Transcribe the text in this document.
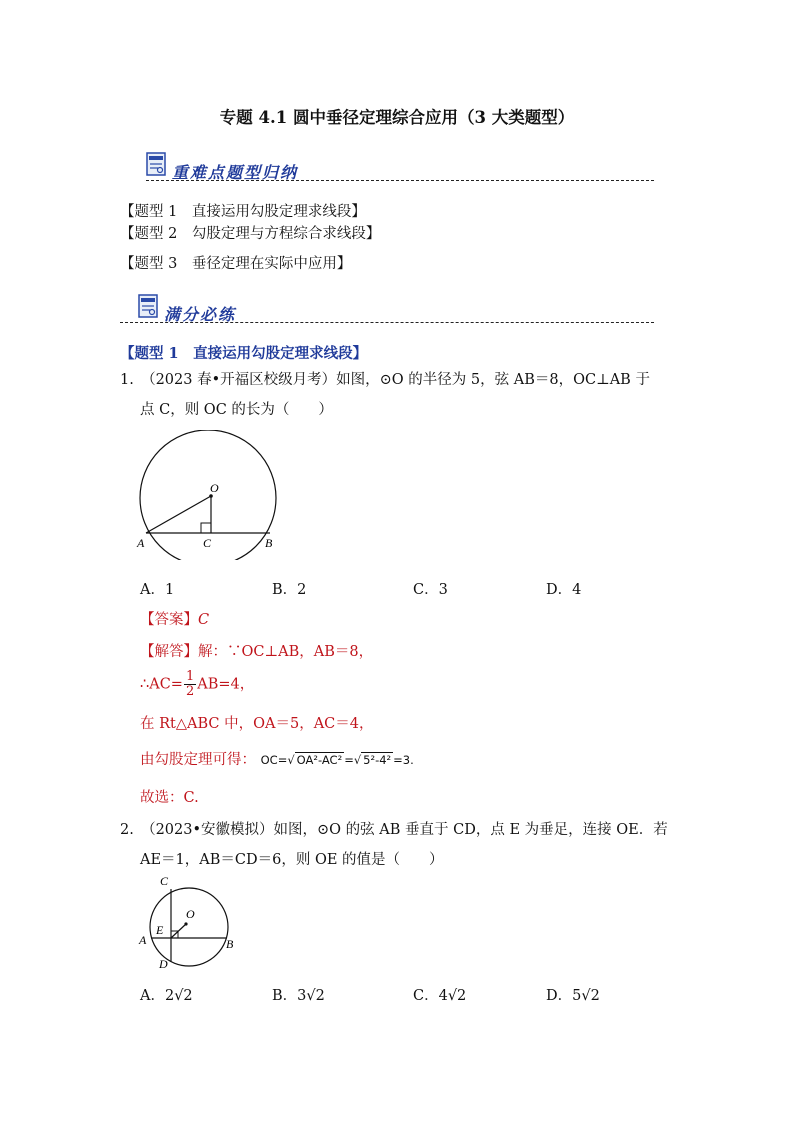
专题 4.1 圆中垂径定理综合应用（3 大类题型）
重难点题型归纳
【题型 1　直接运用勾股定理求线段】
【题型 2　勾股定理与方程综合求线段】
【题型 3　垂径定理在实际中应用】
满分必练
【题型 1　直接运用勾股定理求线段】
1.　（2023 春•开福区校级月考）如图，⊙O 的半径为 5，弦 AB＝8，OC⊥AB 于
点 C，则 OC 的长为（　　）
O
A	C	B
A．1	B．2	C．3	D．4
【答案】C
【解答】解：∵OC⊥AB，AB＝8，
∴AC= $\frac{1}{2} AB=4$，
在 Rt△ABC 中，OA＝5，AC＝4，
由勾股定理可得： OC=√ OA²-AC² =√ 5²-4² =3.
故选：C.
2.　（2023•安徽模拟）如图，⊙O 的弦 AB 垂直于 CD，点 E 为垂足，连接 OE．若
AE＝1，AB＝CD＝6，则 OE 的值是（　　）
C
O
A
E
B
D
A．2√2	B．3√2	C．4√2	D．5√2
